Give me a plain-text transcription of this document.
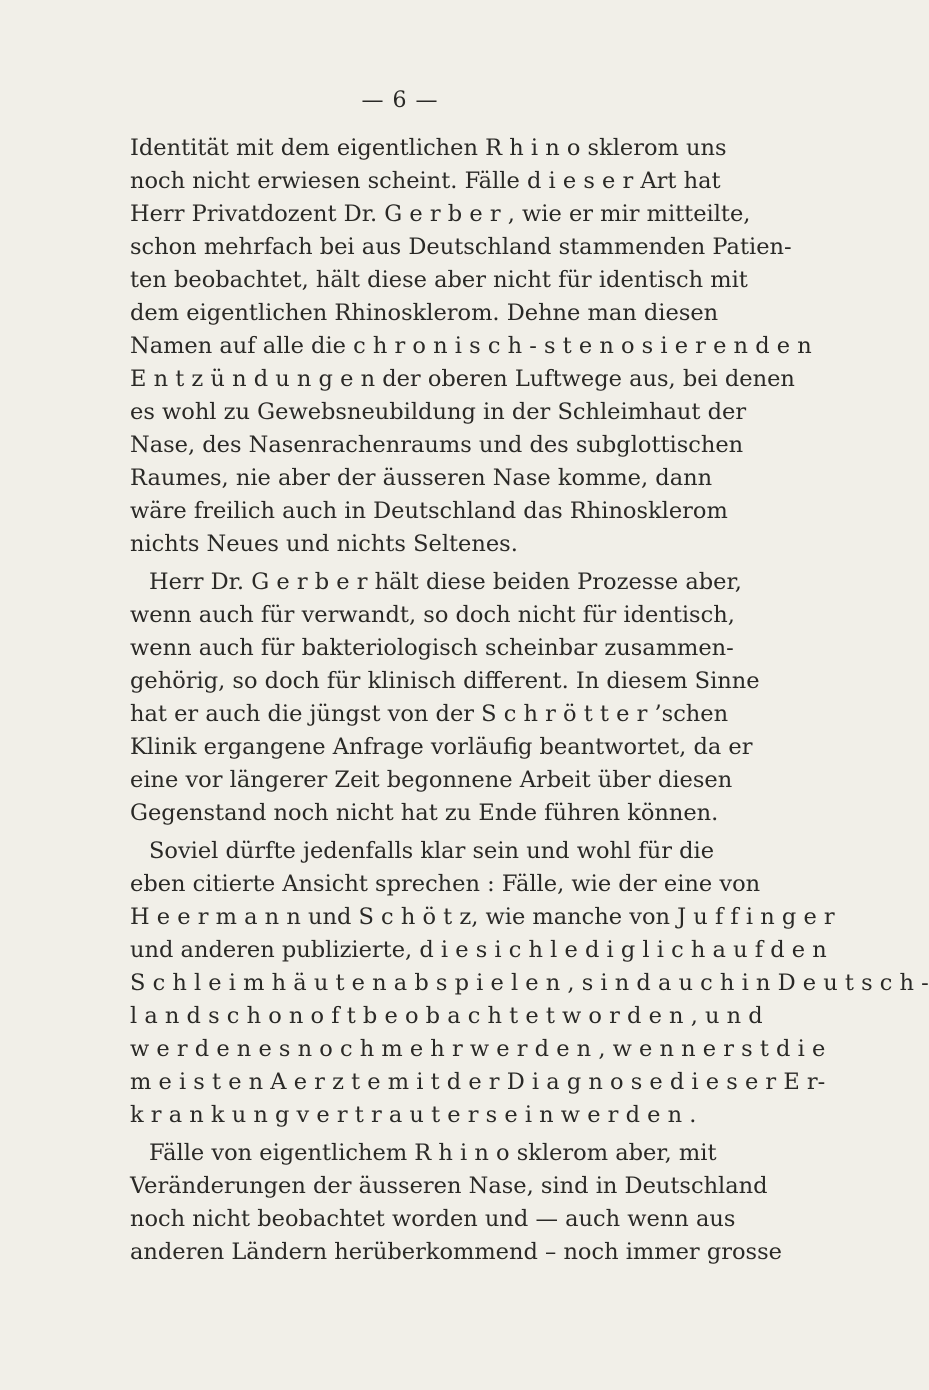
— 6 —
Identität mit dem eigentlichen R h i n o sklerom uns
noch nicht erwiesen scheint. Fälle d i e s e r Art hat
Herr Privatdozent Dr. G e r b e r , wie er mir mitteilte,
schon mehrfach bei aus Deutschland stammenden Patien-
ten beobachtet, hält diese aber nicht für identisch mit
dem eigentlichen Rhinosklerom. Dehne man diesen
Namen auf alle die c h r o n i s c h - s t e n o s i e r e n d e n
E n t z ü n d u n g e n der oberen Luftwege aus, bei denen
es wohl zu Gewebsneubildung in der Schleimhaut der
Nase, des Nasenrachenraums und des subglottischen
Raumes, nie aber der äusseren Nase komme, dann
wäre freilich auch in Deutschland das Rhinosklerom
nichts Neues und nichts Seltenes.
Herr Dr. G e r b e r hält diese beiden Prozesse aber,
wenn auch für verwandt, so doch nicht für identisch,
wenn auch für bakteriologisch scheinbar zusammen-
gehörig, so doch für klinisch different. In diesem Sinne
hat er auch die jüngst von der S c h r ö t t e r ’schen
Klinik ergangene Anfrage vorläufig beantwortet, da er
eine vor längerer Zeit begonnene Arbeit über diesen
Gegenstand noch nicht hat zu Ende führen können.
Soviel dürfte jedenfalls klar sein und wohl für die
eben citierte Ansicht sprechen : Fälle, wie der eine von
H e e r m a n n und S c h ö t z, wie manche von J u f f i n g e r
und anderen publizierte, d i e s i c h l e d i g l i c h a u f d e n
S c h l e i m h ä u t e n a b s p i e l e n , s i n d a u c h i n D e u t s c h -
l a n d s c h o n o f t b e o b a c h t e t w o r d e n , u n d
w e r d e n e s n o c h m e h r w e r d e n , w e n n e r s t d i e
m e i s t e n A e r z t e m i t d e r D i a g n o s e d i e s e r E r-
k r a n k u n g v e r t r a u t e r s e i n w e r d e n .
Fälle von eigentlichem R h i n o sklerom aber, mit
Veränderungen der äusseren Nase, sind in Deutschland
noch nicht beobachtet worden und — auch wenn aus
anderen Ländern herüberkommend – noch immer grosse
